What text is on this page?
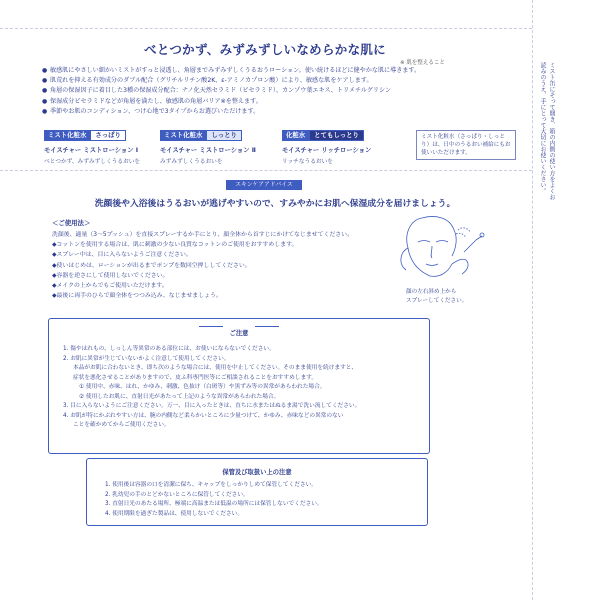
べとつかず、みずみずしいなめらかな肌に
※ 肌を整えること
● 敏感肌にやさしい細かいミストがすっと浸透し、角層までみずみずしくうるおうローション。使い続けるほどに健やかな肌に導きます。
● 肌荒れを抑える有効成分のダブル配合（グリチルリチン酸2K、ε-アミノカプロン酸）により、敏感な肌をケアします。
● 角層の保湿因子に着目した3種の保湿成分配合：ナノ化天然セラミド（ビセラミド）、カンゾウ葉エキス、トリメチルグリシン
● 保湿成分ビセラミドなどが角層を満たし、敏感肌の角層バリア※を整えます。
● 季節やお肌のコンディション、つけ心地で3タイプからお選びいただけます。
ミスト化粧水	さっぱり
モイスチャー ミストローション Ⅰ
べとつかず、みずみずしくうるおいを
ミスト化粧水	しっとり
モイスチャー ミストローション Ⅱ
みずみずしくうるおいを
化粧水	とてもしっとり
モイスチャー リッチローション
リッチなうるおいを
ミスト化粧水（さっぱり・しっとり）は、日中のうるおい補給にもお使いいただけます。	ミスト缶にそって開き、箱の内側の使い方をよくお読みのうえ、手にとって大切にお使いください。
スキンケアアドバイス
洗顔後や入浴後はうるおいが逃げやすいので、すみやかにお肌へ保湿成分を届けましょう。
＜ご使用法＞
洗顔後、適量（3～5プッシュ）を直接スプレーするか手にとり、顔全体から首すじにかけてなじませてください。
◆コットンを使用する場合は、肌に刺激の少ない良質なコットンのご使用をおすすめします。
◆スプレー中は、目に入らないようご注意ください。
◆使いはじめは、ローションが出るまでポンプを数回空押ししてください。
◆容器を逆さにして使用しないでください。
◆メイクの上からでもご使用いただけます。
◆最後に両手のひらで顔全体をつつみ込み、なじませましょう。
顔の左右斜め上から
スプレーしてください。
ご注意
1. 傷やはれもの、しっしん等異常のある部位には、お使いにならないでください。
2. お肌に異常が生じていないかよく注意して使用してください。
本品がお肌に合わないとき、即ち次のような場合には、使用を中止してください。そのまま使用を続けますと、
症状を悪化させることがありますので、皮ふ科専門医等にご相談されることをおすすめします。
① 使用中、赤味、はれ、かゆみ、刺激、色抜け（白斑等）や黒ずみ等の異常があらわれた場合。
② 使用したお肌に、直射日光があたって上記のような異常があらわれた場合。
3. 目に入らないようにご注意ください。万一、目に入ったときは、直ちに水またはぬるま湯で洗い流してください。
4. お肌が特にかぶれやすい方は、腕の内側など柔らかいところに少量つけて、かゆみ、赤味などの異常のない
ことを確かめてからご使用ください。
保管及び取扱い上の注意
1. 使用後は容器の口を清潔に保ち、キャップをしっかりしめて保管してください。
2. 乳幼児の手のとどかないところに保管してください。
3. 直射日光のあたる場所、極端に高温または低温の場所には保管しないでください。
4. 使用期限を過ぎた製品は、使用しないでください。
